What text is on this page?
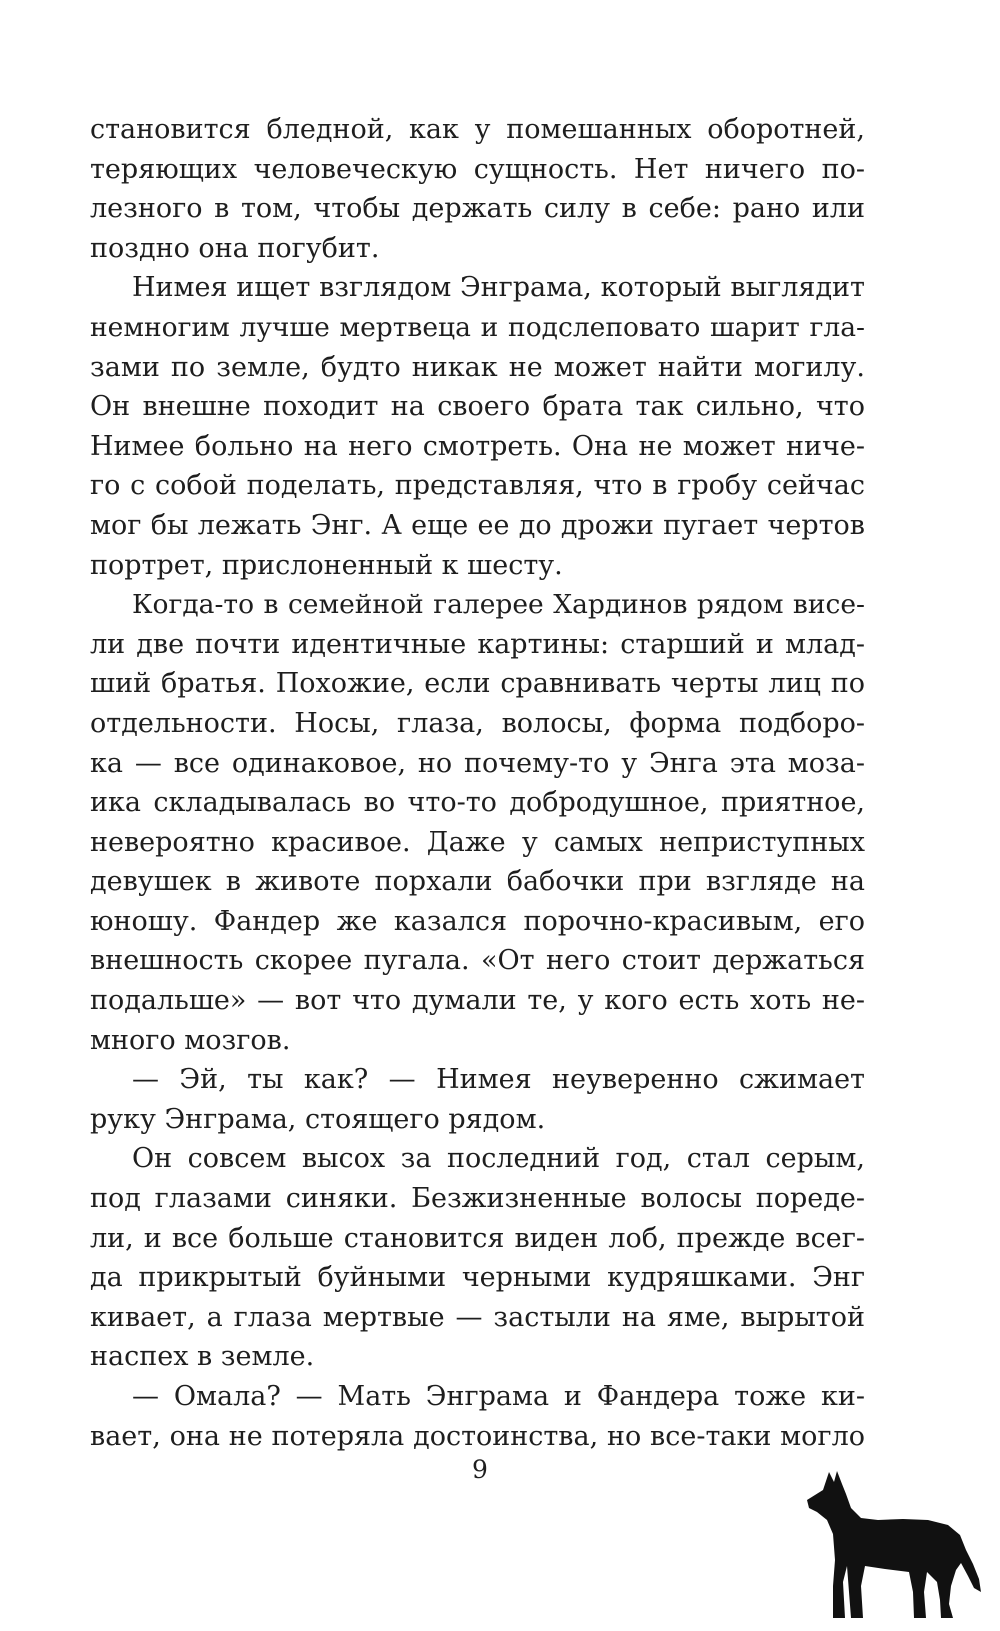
становится бледной, как у помешанных оборотней,
теряющих человеческую сущность. Нет ничего по-
лезного в том, чтобы держать силу в себе: рано или
поздно она погубит.
Нимея ищет взглядом Энграма, который выглядит
немногим лучше мертвеца и подслеповато шарит гла-
зами по земле, будто никак не может найти могилу.
Он внешне походит на своего брата так сильно, что
Нимее больно на него смотреть. Она не может ниче-
го с собой поделать, представляя, что в гробу сейчас
мог бы лежать Энг. А еще ее до дрожи пугает чертов
портрет, прислоненный к шесту.
Когда-то в семейной галерее Хардинов рядом висе-
ли две почти идентичные картины: старший и млад-
ший братья. Похожие, если сравнивать черты лиц по
отдельности. Носы, глаза, волосы, форма подборо-
ка — все одинаковое, но почему-то у Энга эта моза-
ика складывалась во что-то добродушное, приятное,
невероятно красивое. Даже у самых неприступных
девушек в животе порхали бабочки при взгляде на
юношу. Фандер же казался порочно-красивым, его
внешность скорее пугала. «От него стоит держаться
подальше» — вот что думали те, у кого есть хоть не-
много мозгов.
— Эй, ты как? — Нимея неуверенно сжимает
руку Энграма, стоящего рядом.
Он совсем высох за последний год, стал серым,
под глазами синяки. Безжизненные волосы пореде-
ли, и все больше становится виден лоб, прежде всег-
да прикрытый буйными черными кудряшками. Энг
кивает, а глаза мертвые — застыли на яме, вырытой
наспех в земле.
— Омала? — Мать Энграма и Фандера тоже ки-
вает, она не потеряла достоинства, но все-таки могло
9
